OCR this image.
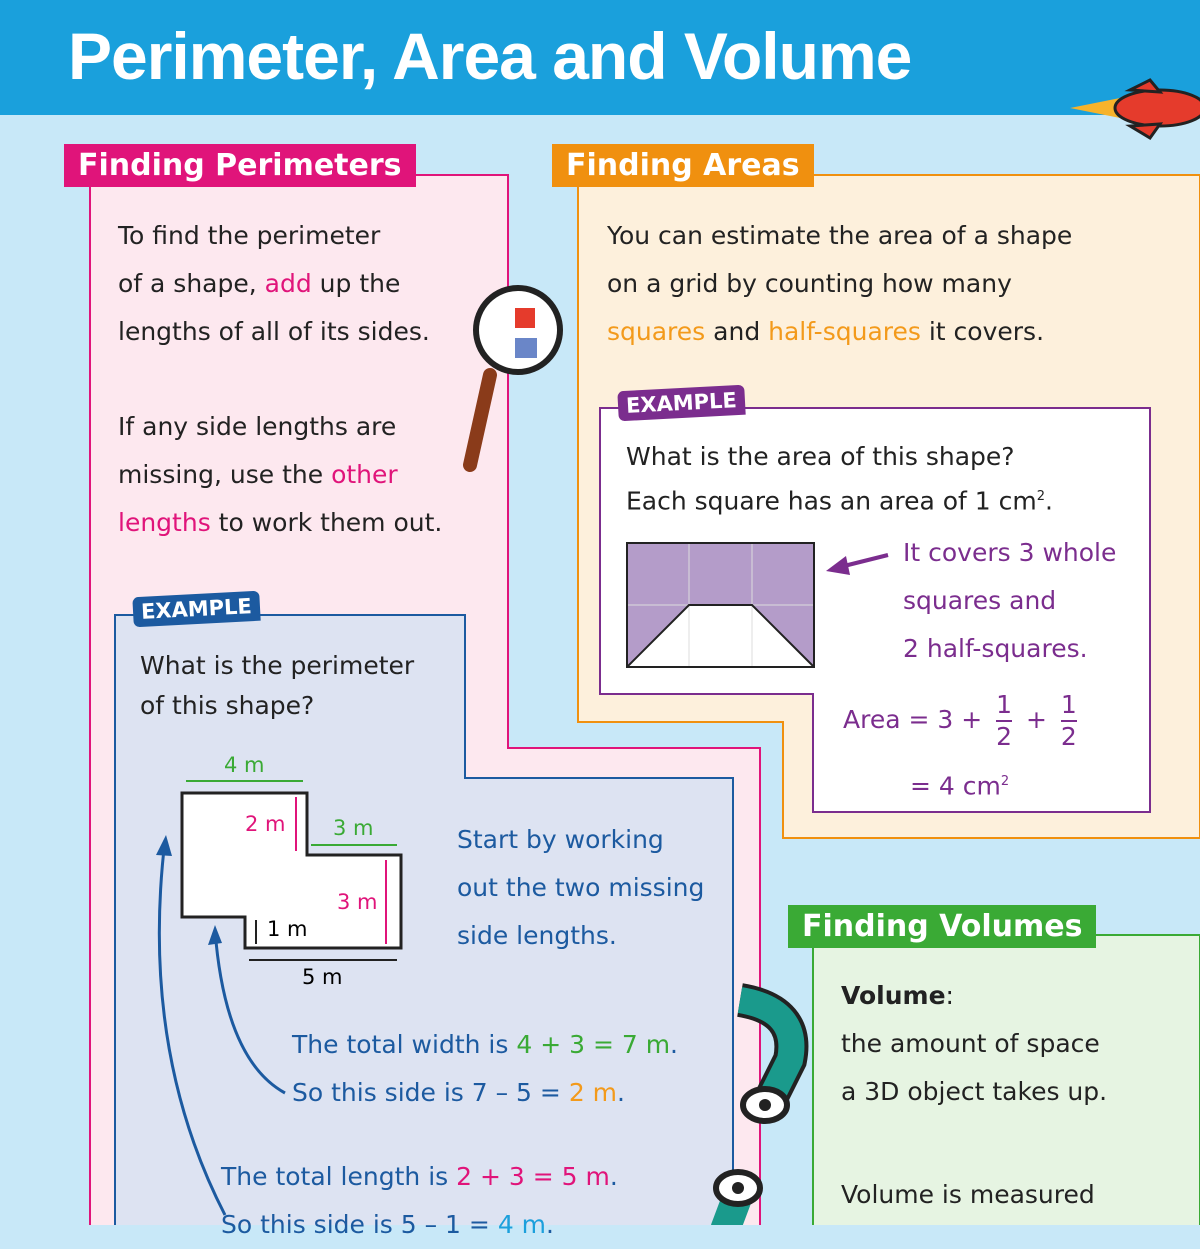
Perimeter, Area and Volume
Finding Perimeters
To find the perimeter
of a shape, add up the
lengths of all of its sides.
If any side lengths are
missing, use the other
lengths to work them out.
EXAMPLE
What is the perimeter
of this shape?
4 m
2 m 3 m
3 m
1 m
5 m
Start by working
out the two missing
side lengths.
The total width is 4 + 3 = 7 m.
So this side is 7 – 5 = 2 m.
The total length is 2 + 3 = 5 m.
So this side is 5 – 1 = 4 m.
Finding Areas
You can estimate the area of a shape
on a grid by counting how many
squares and half-squares it covers.
EXAMPLE
What is the area of this shape?
Each square has an area of 1 $cm^2$.
It covers 3 whole
squares and
2 half-squares.
Area = $3 + \frac{1}{2} + \frac{1}{2}$
= 4 $cm^2$
Finding Volumes
Volume:
the amount of space
a 3D object takes up.
Volume is measured
